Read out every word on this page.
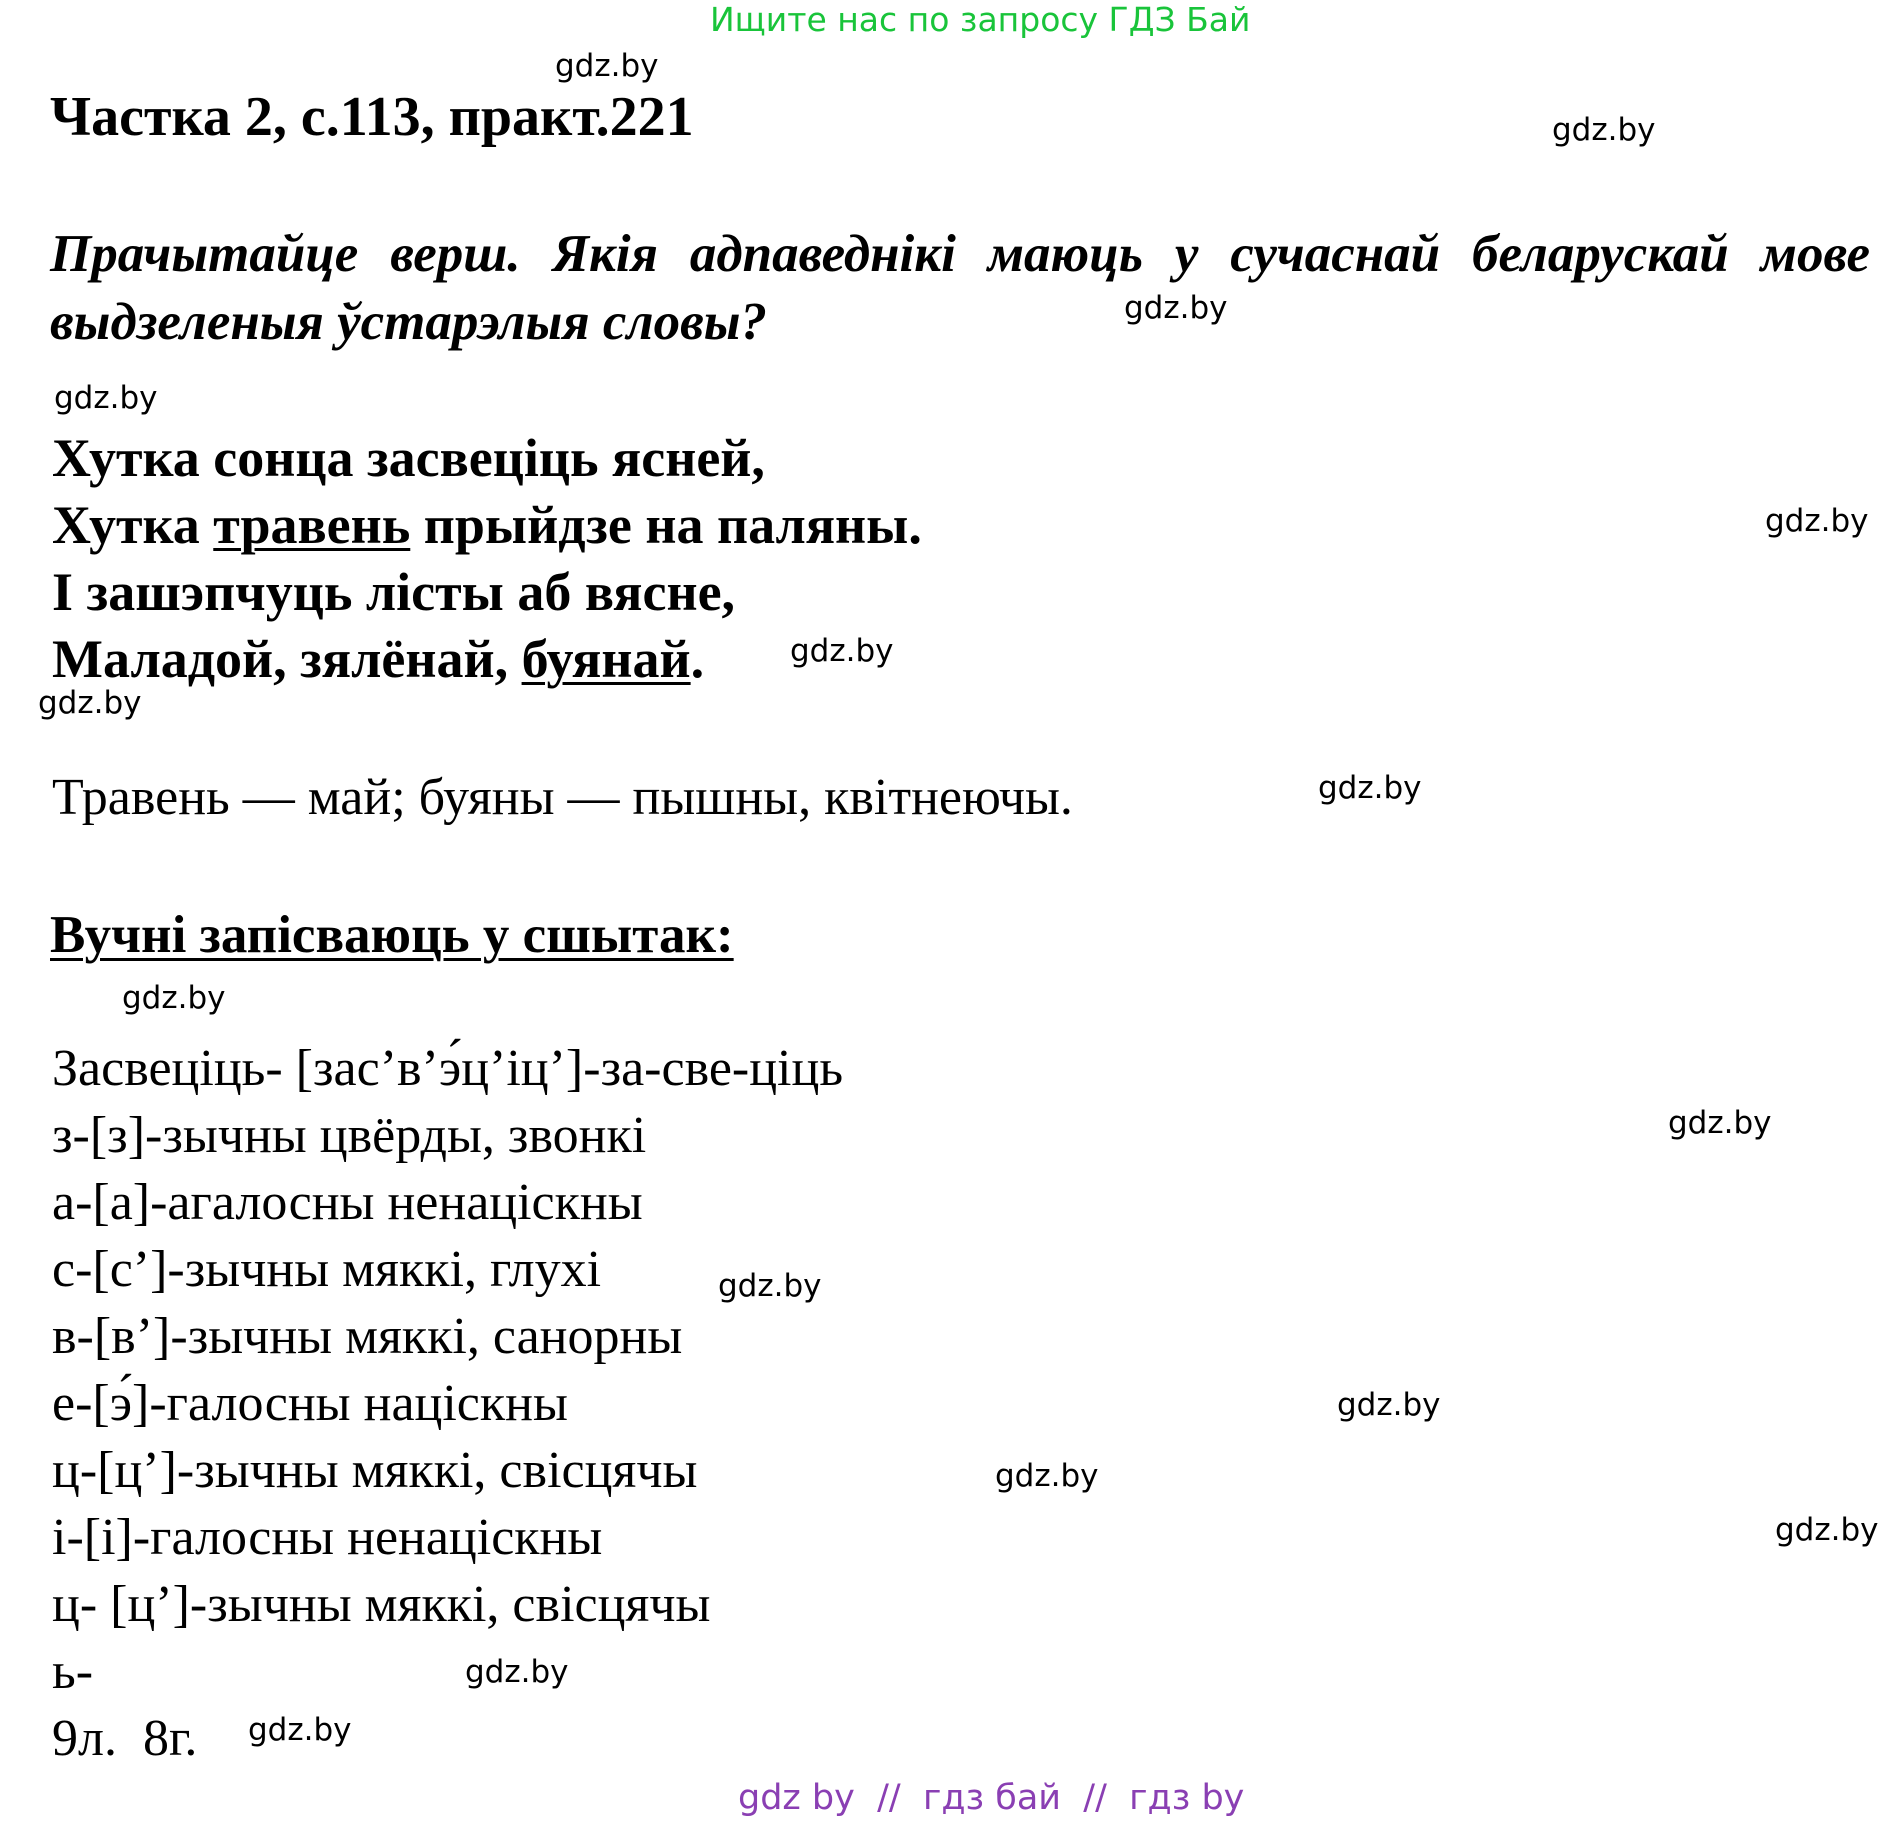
Ищите нас по запросу ГДЗ Бай
Частка 2, с.113, практ.221
Прачытайце верш. Якія адпаведнікі маюць у сучаснай беларускай мове выдзеленыя ўстарэлыя словы?
Хутка сонца засвеціць ясней,
Хутка травень прыйдзе на паляны.
І зашэпчуць лісты аб вясне,
Маладой, зялёнай, буянай.
Травень — май; буяны — пышны, квітнеючы.
Вучні запісваюць у сшытак:
Засвеціць- [зас’в’э́ц’іц’]-за-све-ціць
з-[з]-зычны цвёрды, звонкі
а-[а]-агалосны ненацiскны
с-[с’]-зычны мяккі, глухі
в-[в’]-зычны мяккі, санорны
е-[э́]-галосны націскны
ц-[ц’]-зычны мяккі, свiсцячы
і-[і]-галосны ненацiскны
ц- [ц’]-зычны мяккі, свiсцячы
ь-
9л.  8г.
gdz.by
gdz.by
gdz.by
gdz.by
gdz.by
gdz.by
gdz.by
gdz.by
gdz.by
gdz.by
gdz.by
gdz.by
gdz.by
gdz.by
gdz.by
gdz.by
gdz by  //  гдз бай  //  гдз by
